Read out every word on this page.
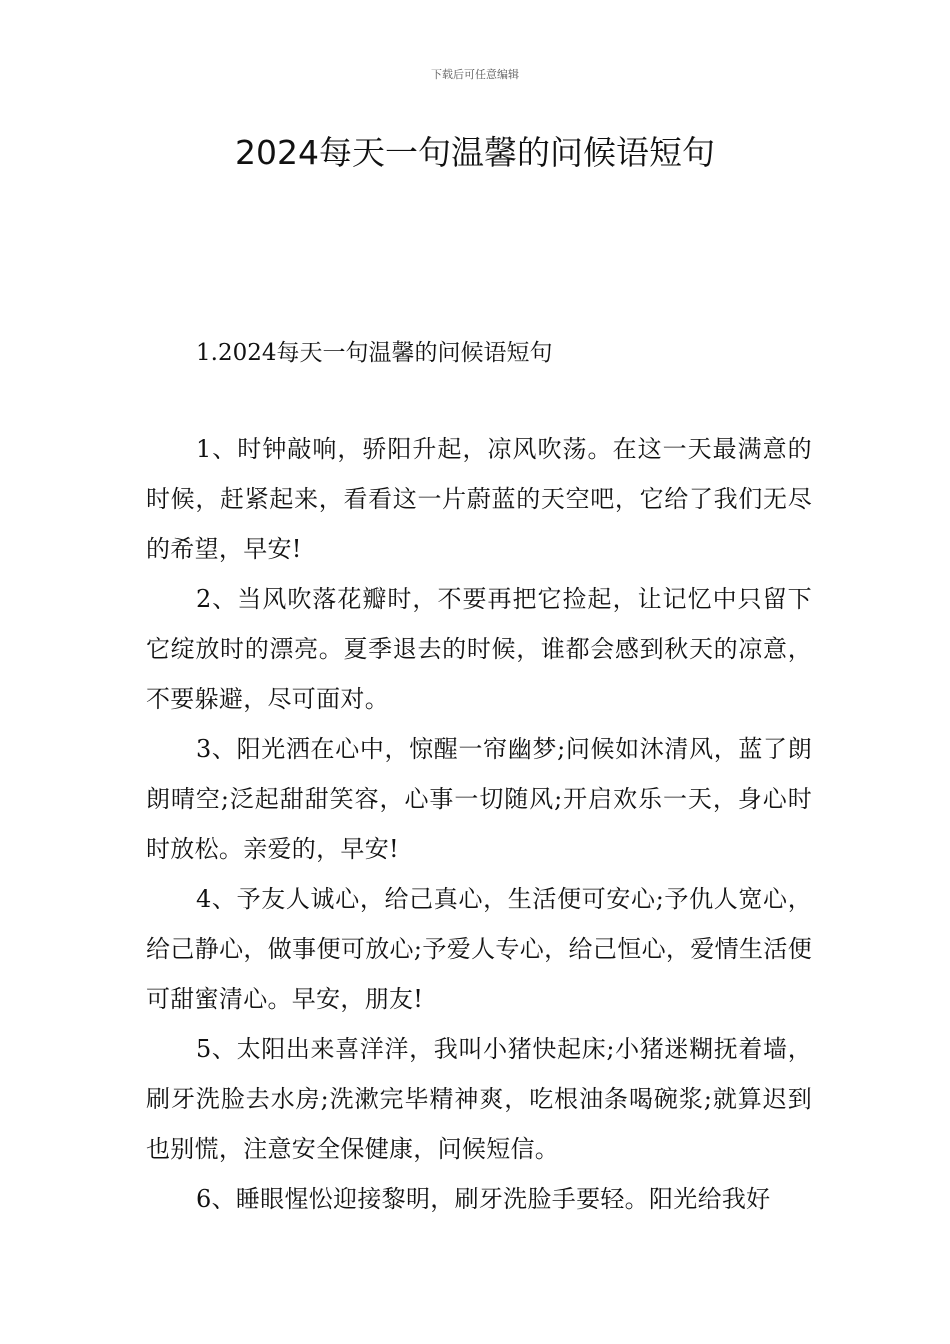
下载后可任意编辑
2024每天一句温馨的问候语短句
1.2024每天一句温馨的问候语短句

1、时钟敲响，骄阳升起，凉风吹荡。在这一天最满意的时候，赶紧起来，看看这一片蔚蓝的天空吧，它给了我们无尽的希望，早安!

2、当风吹落花瓣时，不要再把它捡起，让记忆中只留下它绽放时的漂亮。夏季退去的时候，谁都会感到秋天的凉意，不要躲避，尽可面对。

3、阳光洒在心中，惊醒一帘幽梦;问候如沐清风，蓝了朗朗晴空;泛起甜甜笑容，心事一切随风;开启欢乐一天，身心时时放松。亲爱的，早安!

4、予友人诚心，给己真心，生活便可安心;予仇人宽心，给己静心，做事便可放心;予爱人专心，给己恒心，爱情生活便可甜蜜清心。早安，朋友!

5、太阳出来喜洋洋，我叫小猪快起床;小猪迷糊抚着墙，刷牙洗脸去水房;洗漱完毕精神爽，吃根油条喝碗浆;就算迟到也别慌，注意安全保健康，问候短信。

6、睡眼惺忪迎接黎明，刷牙洗脸手要轻。阳光给我好
